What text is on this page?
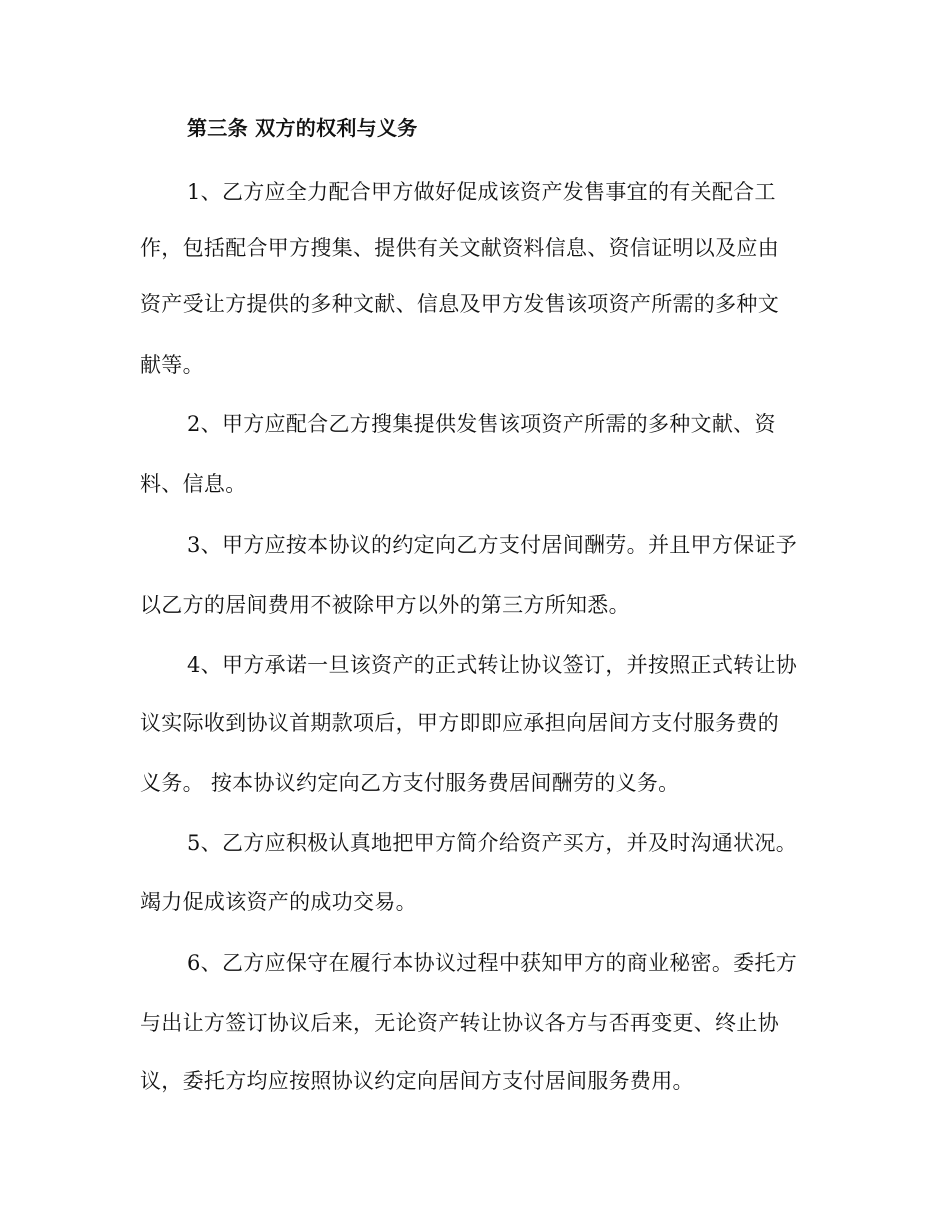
第三条 双方的权利与义务
1、乙方应全力配合甲方做好促成该资产发售事宜的有关配合工
作，包括配合甲方搜集、提供有关文献资料信息、资信证明以及应由
资产受让方提供的多种文献、信息及甲方发售该项资产所需的多种文
献等。
2、甲方应配合乙方搜集提供发售该项资产所需的多种文献、资
料、信息。
3、甲方应按本协议的约定向乙方支付居间酬劳。并且甲方保证予
以乙方的居间费用不被除甲方以外的第三方所知悉。
4、甲方承诺一旦该资产的正式转让协议签订，并按照正式转让协
议实际收到协议首期款项后，甲方即即应承担向居间方支付服务费的
义务。 按本协议约定向乙方支付服务费居间酬劳的义务。
5、乙方应积极认真地把甲方简介给资产买方，并及时沟通状况。
竭力促成该资产的成功交易。
6、乙方应保守在履行本协议过程中获知甲方的商业秘密。委托方
与出让方签订协议后来，无论资产转让协议各方与否再变更、终止协
议，委托方均应按照协议约定向居间方支付居间服务费用。
